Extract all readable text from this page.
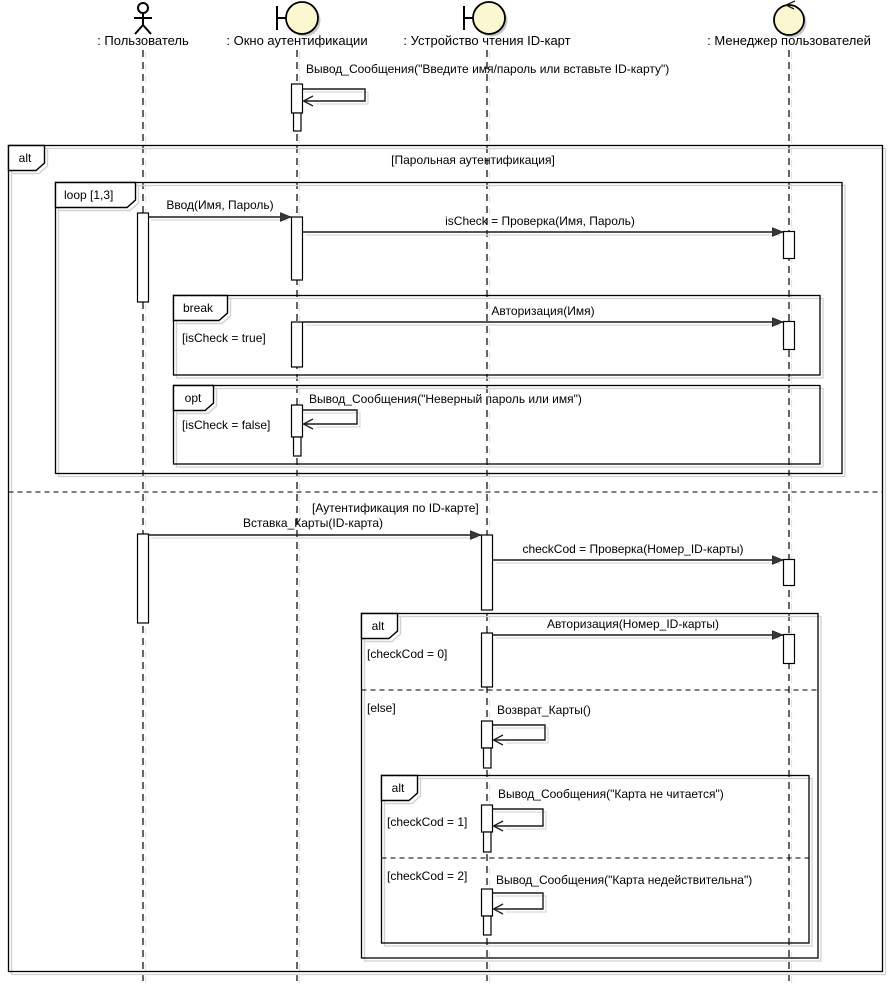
: Пользователь	: Окно аутентификации	: Устройство чтения ID-карт	: Менеджер пользователей
alt	[Парольная аутентификация]
[Аутентификация по ID-карте]
loop [1,3]
break
[isCheck = true]
opt
[isCheck = false]
alt
[checkCod = 0]
[else]
alt
[checkCod = 1]
[checkCod = 2]
Вывод_Сообщения("Введите имя/пароль или вставьте ID-карту")
Ввод(Имя, Пароль)
isCheck = Проверка(Имя, Пароль)
Авторизация(Имя)
Вывод_Сообщения("Неверный пароль или имя")
Вставка_Карты(ID-карта)
checkCod = Проверка(Номер_ID-карты)
Авторизация(Номер_ID-карты)
Возврат_Карты()
Вывод_Сообщения("Карта не читается")
Вывод_Сообщения("Карта недействительна")
